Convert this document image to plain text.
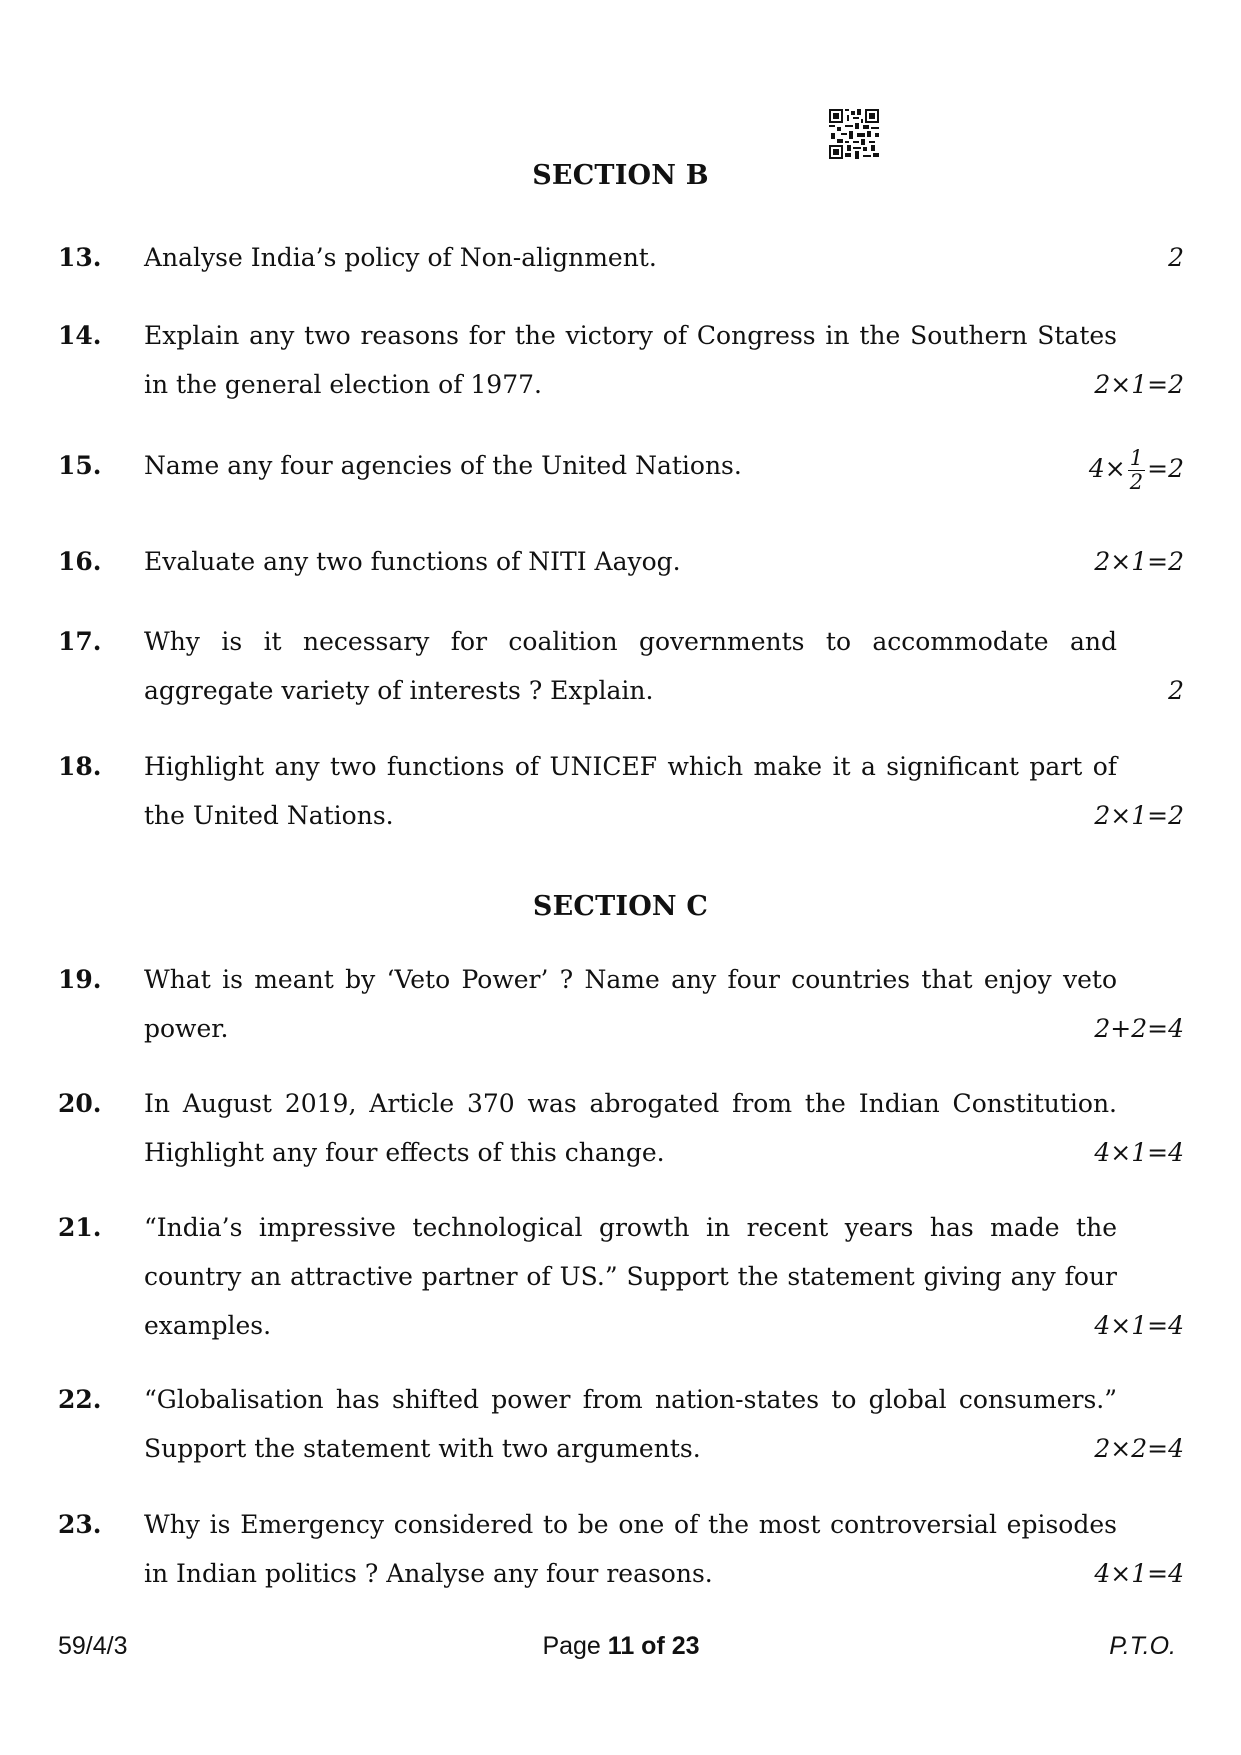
SECTION B
13. Analyse India’s policy of Non-alignment.	2
14. Explain any two reasons for the victory of Congress in the Southern States in the general election of 1977.	2×1=2
15. Name any four agencies of the United Nations.	$4\times \frac{1}{2} =2$
16. Evaluate any two functions of NITI Aayog.	2×1=2
17. Why is it necessary for coalition governments to accommodate and aggregate variety of interests ? Explain.	2
18. Highlight any two functions of UNICEF which make it a significant part of the United Nations.	2×1=2
SECTION C
19. What is meant by ‘Veto Power’ ? Name any four countries that enjoy veto power.	2+2=4
20. In August 2019, Article 370 was abrogated from the Indian Constitution. Highlight any four effects of this change.	4×1=4
21. “India’s impressive technological growth in recent years has made the country an attractive partner of US.” Support the statement giving any four examples.	4×1=4
22. “Globalisation has shifted power from nation-states to global consumers.” Support the statement with two arguments.	2×2=4
23. Why is Emergency considered to be one of the most controversial episodes in Indian politics ? Analyse any four reasons.	4×1=4
59/4/3	Page 11 of 23	P.T.O.
